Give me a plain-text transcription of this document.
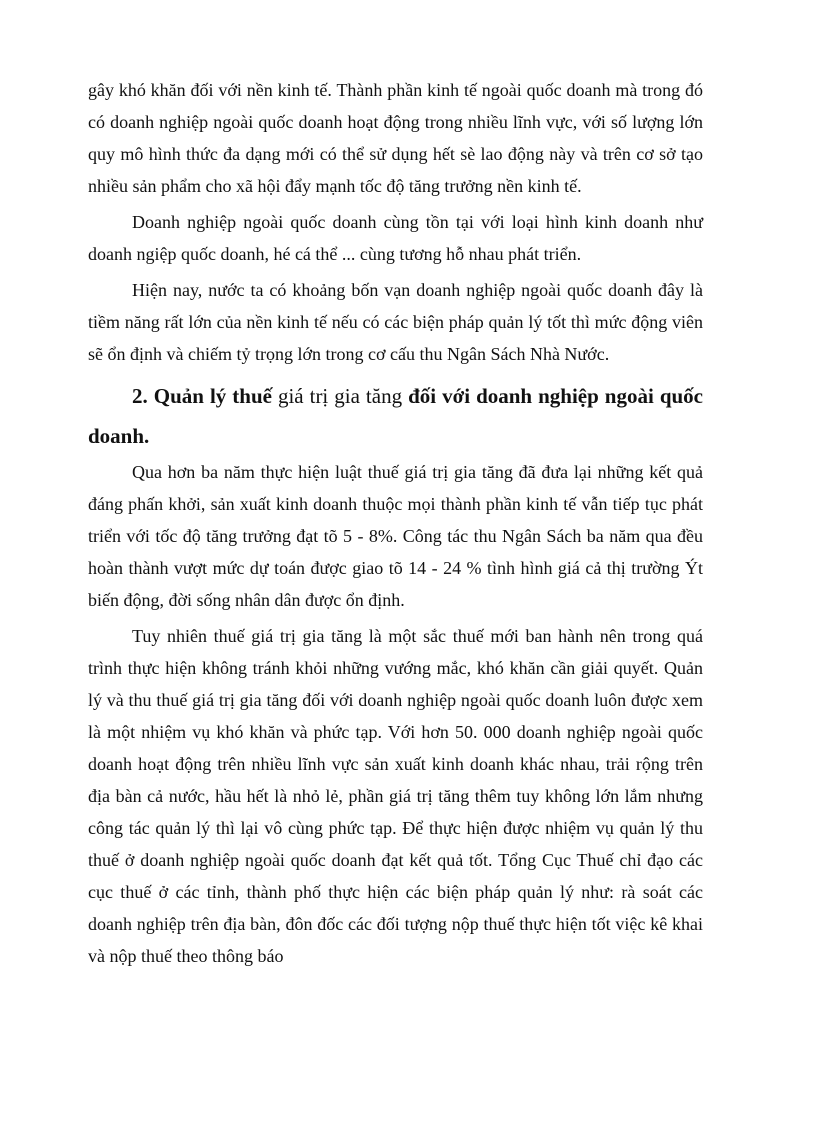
gây khó khăn đối với nền kinh tế. Thành phần kinh tế ngoài quốc doanh mà trong đó có doanh nghiệp ngoài quốc doanh hoạt động trong nhiều lĩnh vực, với số lượng lớn quy mô hình thức đa dạng mới có thể sử dụng hết sè lao động này và trên cơ sở tạo nhiều sản phẩm cho xã hội đẩy mạnh tốc độ tăng trưởng nền kinh tế.

Doanh nghiệp ngoài quốc doanh cùng tồn tại với loại hình kinh doanh như doanh ngiệp quốc doanh, hé cá thể ... cùng tương hỗ nhau phát triển.

Hiện nay, nước ta có khoảng bốn vạn doanh nghiệp ngoài quốc doanh đây là tiềm năng rất lớn của nền kinh tế nếu có các biện pháp quản lý tốt thì mức động viên sẽ ổn định và chiếm tỷ trọng lớn trong cơ cấu thu Ngân Sách Nhà Nước.

2. Quản lý thuế giá trị gia tăng đối với doanh nghiệp ngoài quốc doanh.

Qua hơn ba năm thực hiện luật thuế giá trị gia tăng đã đưa lại những kết quả đáng phấn khởi, sản xuất kinh doanh thuộc mọi thành phần kinh tế vẫn tiếp tục phát triển với tốc độ tăng trưởng đạt tõ 5 - 8%. Công tác thu Ngân Sách ba năm qua đều hoàn thành vượt mức dự toán được giao tõ 14 - 24 % tình hình giá cả thị trường Ýt biến động, đời sống nhân dân được ổn định.

Tuy nhiên thuế giá trị gia tăng là một sắc thuế mới ban hành nên trong quá trình thực hiện không tránh khỏi những vướng mắc, khó khăn cần giải quyết. Quản lý và thu thuế giá trị gia tăng đối với doanh nghiệp ngoài quốc doanh luôn được xem là một nhiệm vụ khó khăn và phức tạp. Với hơn 50. 000 doanh nghiệp ngoài quốc doanh hoạt động trên nhiều lĩnh vực sản xuất kinh doanh khác nhau, trải rộng trên địa bàn cả nước, hầu hết là nhỏ lẻ, phần giá trị tăng thêm tuy không lớn lắm nhưng công tác quản lý thì lại vô cùng phức tạp. Để thực hiện được nhiệm vụ quản lý thu thuế ở doanh nghiệp ngoài quốc doanh đạt kết quả tốt. Tổng Cục Thuế chỉ đạo các cục thuế ở các tỉnh, thành phố thực hiện các biện pháp quản lý như: rà soát các doanh nghiệp trên địa bàn, đôn đốc các đối tượng nộp thuế thực hiện tốt việc kê khai và nộp thuế theo thông báo
